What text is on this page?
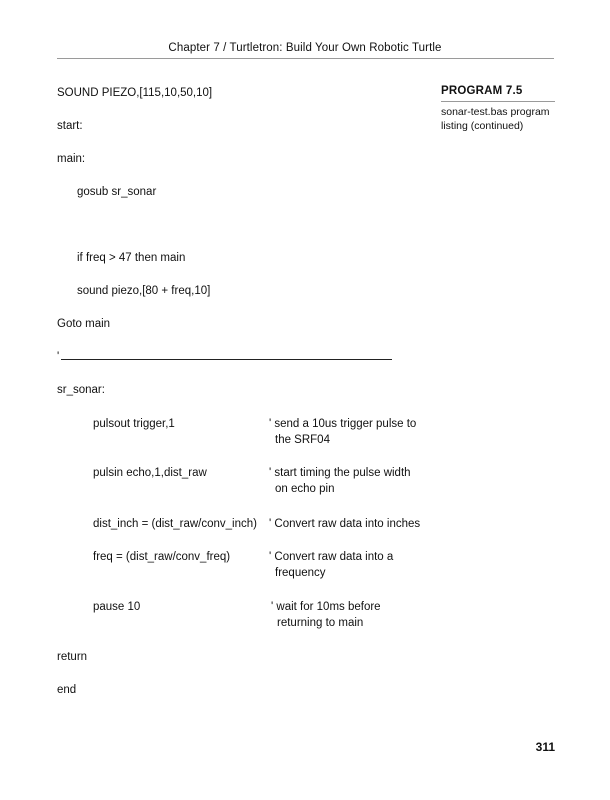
Chapter 7 / Turtletron: Build Your Own Robotic Turtle
PROGRAM 7.5
sonar-test.bas program listing (continued)
SOUND PIEZO,[115,10,50,10]
start:
main:
gosub sr_sonar
if freq > 47 then main
sound piezo,[80 + freq,10]
Goto main
'
sr_sonar:
pulsout trigger,1	' send a 10us trigger pulse to
the SRF04
pulsin echo,1,dist_raw	' start timing the pulse width
on echo pin
dist_inch = (dist_raw/conv_inch) ' Convert raw data into inches
freq = (dist_raw/conv_freq)	' Convert raw data into a
frequency
pause 10	' wait for 10ms before
returning to main
return
end
311
